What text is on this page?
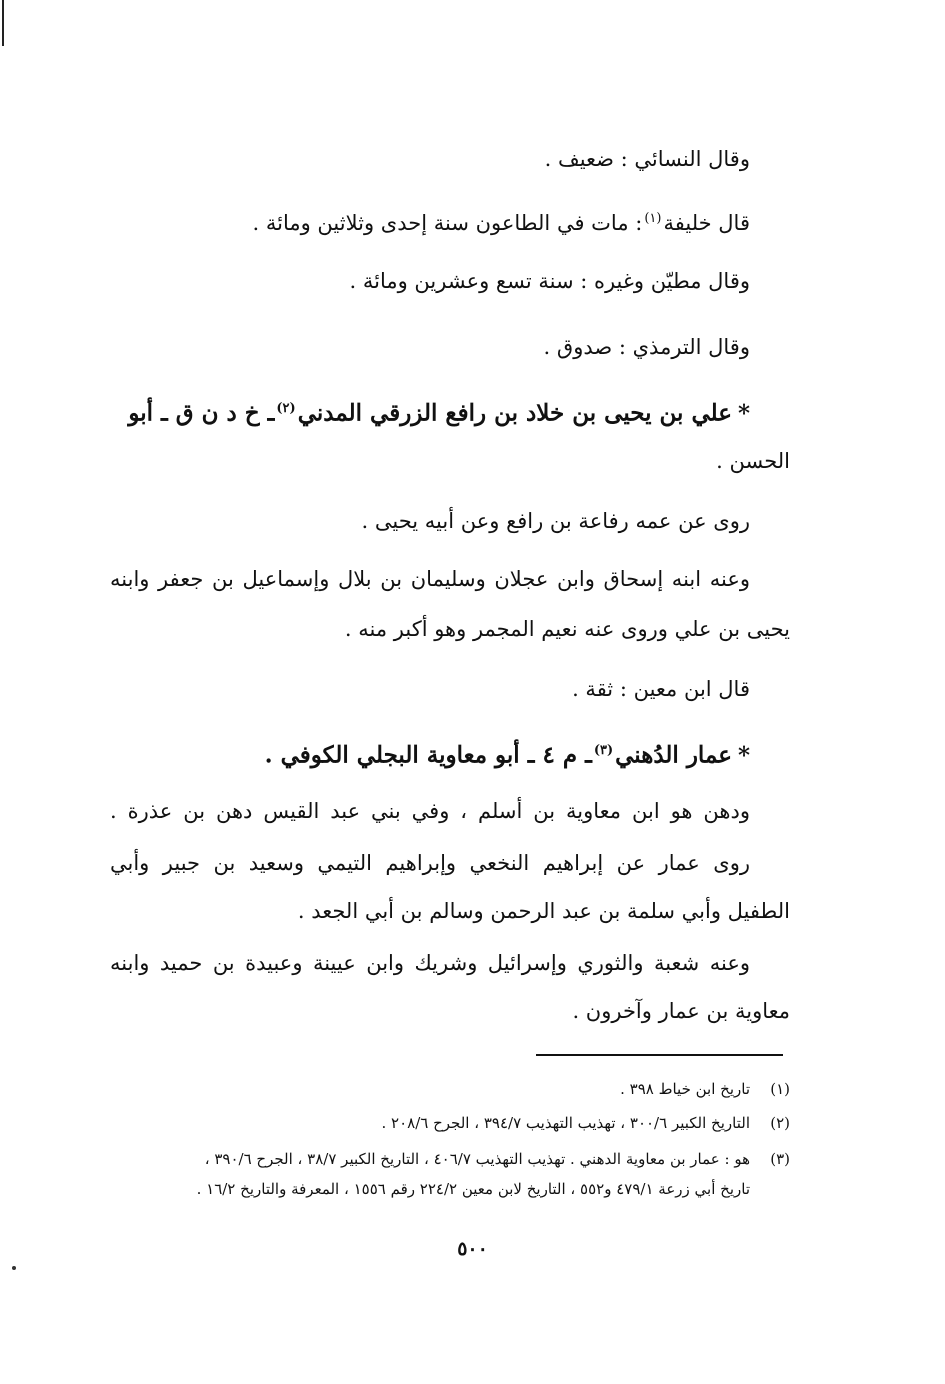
وقال النسائي : ضعيف .
قال خليفة$^{(١)}$: مات في الطاعون سنة إحدى وثلاثين ومائة .
وقال مطيّن وغيره : سنة تسع وعشرين ومائة .
وقال الترمذي : صدوق .
*علي بن يحيى بن خلاد بن رافع الزرقي المدني$^{(٢)}$ـ خ د ن ق ـ أبو
الحسن .
روى عن عمه رفاعة بن رافع وعن أبيه يحيى .
وعنه ابنه إسحاق وابن عجلان وسليمان بن بلال وإسماعيل بن جعفر وابنه
يحيى بن علي وروى عنه نعيم المجمر وهو أكبر منه .
قال ابن معين : ثقة .
*عمار الدُهني$^{(٣)}$ـ م ٤ ـ أبو معاوية البجلي الكوفي .
ودهن هو ابن معاوية بن أسلم ، وفي بني عبد القيس دهن بن عذرة .
روى عمار عن إبراهيم النخعي وإبراهيم التيمي وسعيد بن جبير وأبي
الطفيل وأبي سلمة بن عبد الرحمن وسالم بن أبي الجعد .
وعنه شعبة والثوري وإسرائيل وشريك وابن عيينة وعبيدة بن حميد وابنه
معاوية بن عمار وآخرون .
(١)تاريخ ابن خياط ٣٩٨ .
(٢)التاريخ الكبير ٣٠٠/٦ ، تهذيب التهذيب ٣٩٤/٧ ، الجرح ٢٠٨/٦ .
(٣)هو : عمار بن معاوية الدهني . تهذيب التهذيب ٤٠٦/٧ ، التاريخ الكبير ٣٨/٧ ، الجرح ٣٩٠/٦ ،
تاريخ أبي زرعة ٤٧٩/١ و٥٥٢ ، التاريخ لابن معين ٢٢٤/٢ رقم ١٥٥٦ ، المعرفة والتاريخ ١٦/٢ .
٥٠٠
